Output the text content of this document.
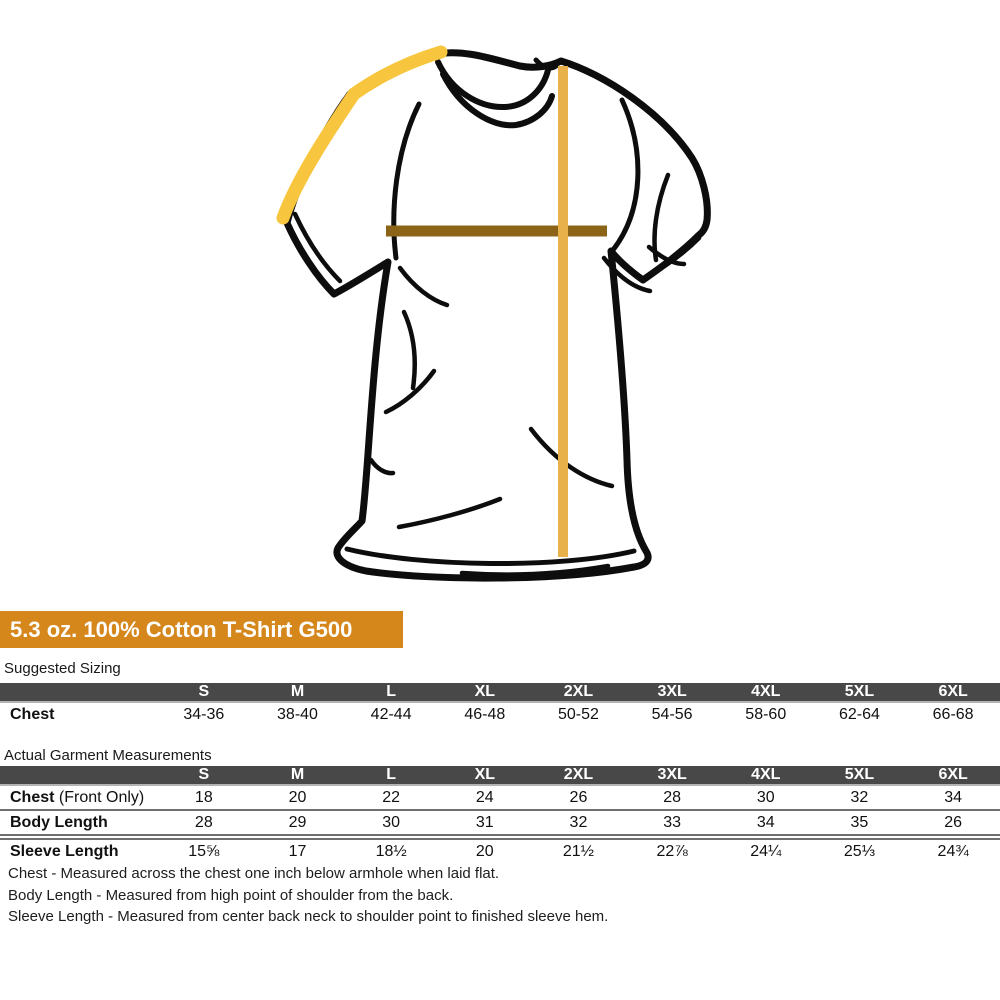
5.3 oz. 100% Cotton T-Shirt G500
Suggested Sizing
	S	M	L	XL	2XL	3XL	4XL	5XL	6XL
Chest	34-36	38-40	42-44	46-48	50-52	54-56	58-60	62-64	66-68
Actual Garment Measurements
	S	M	L	XL	2XL	3XL	4XL	5XL	6XL
Chest (Front Only)	18	20	22	24	26	28	30	32	34
Body Length	28	29	30	31	32	33	34	35	26
Sleeve Length	15⅝	17	18½	20	21½	22⅞	24¼	25⅓	24¾
Chest - Measured across the chest one inch below armhole when laid flat.
Body Length - Measured from high point of shoulder from the back.
Sleeve Length - Measured from center back neck to shoulder point to finished sleeve hem.
